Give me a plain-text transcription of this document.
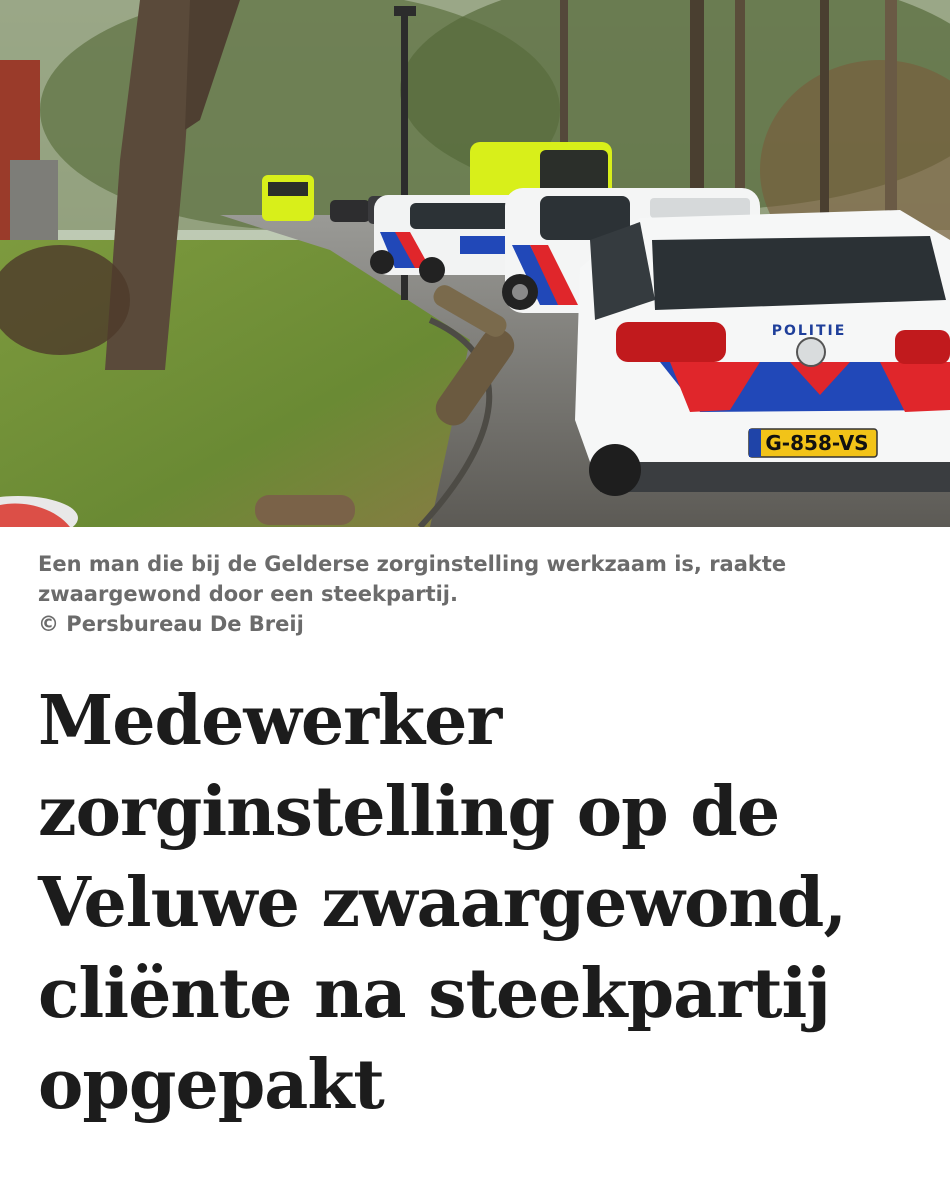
G-858-VS
POLITIE

Een man die bij de Gelderse zorginstelling werkzaam is, raakte

zwaargewond door een steekpartij.

© Persbureau De Breij

Medewerker
zorginstelling op de
Veluwe zwaargewond,
cliënte na steekpartij
opgepakt
